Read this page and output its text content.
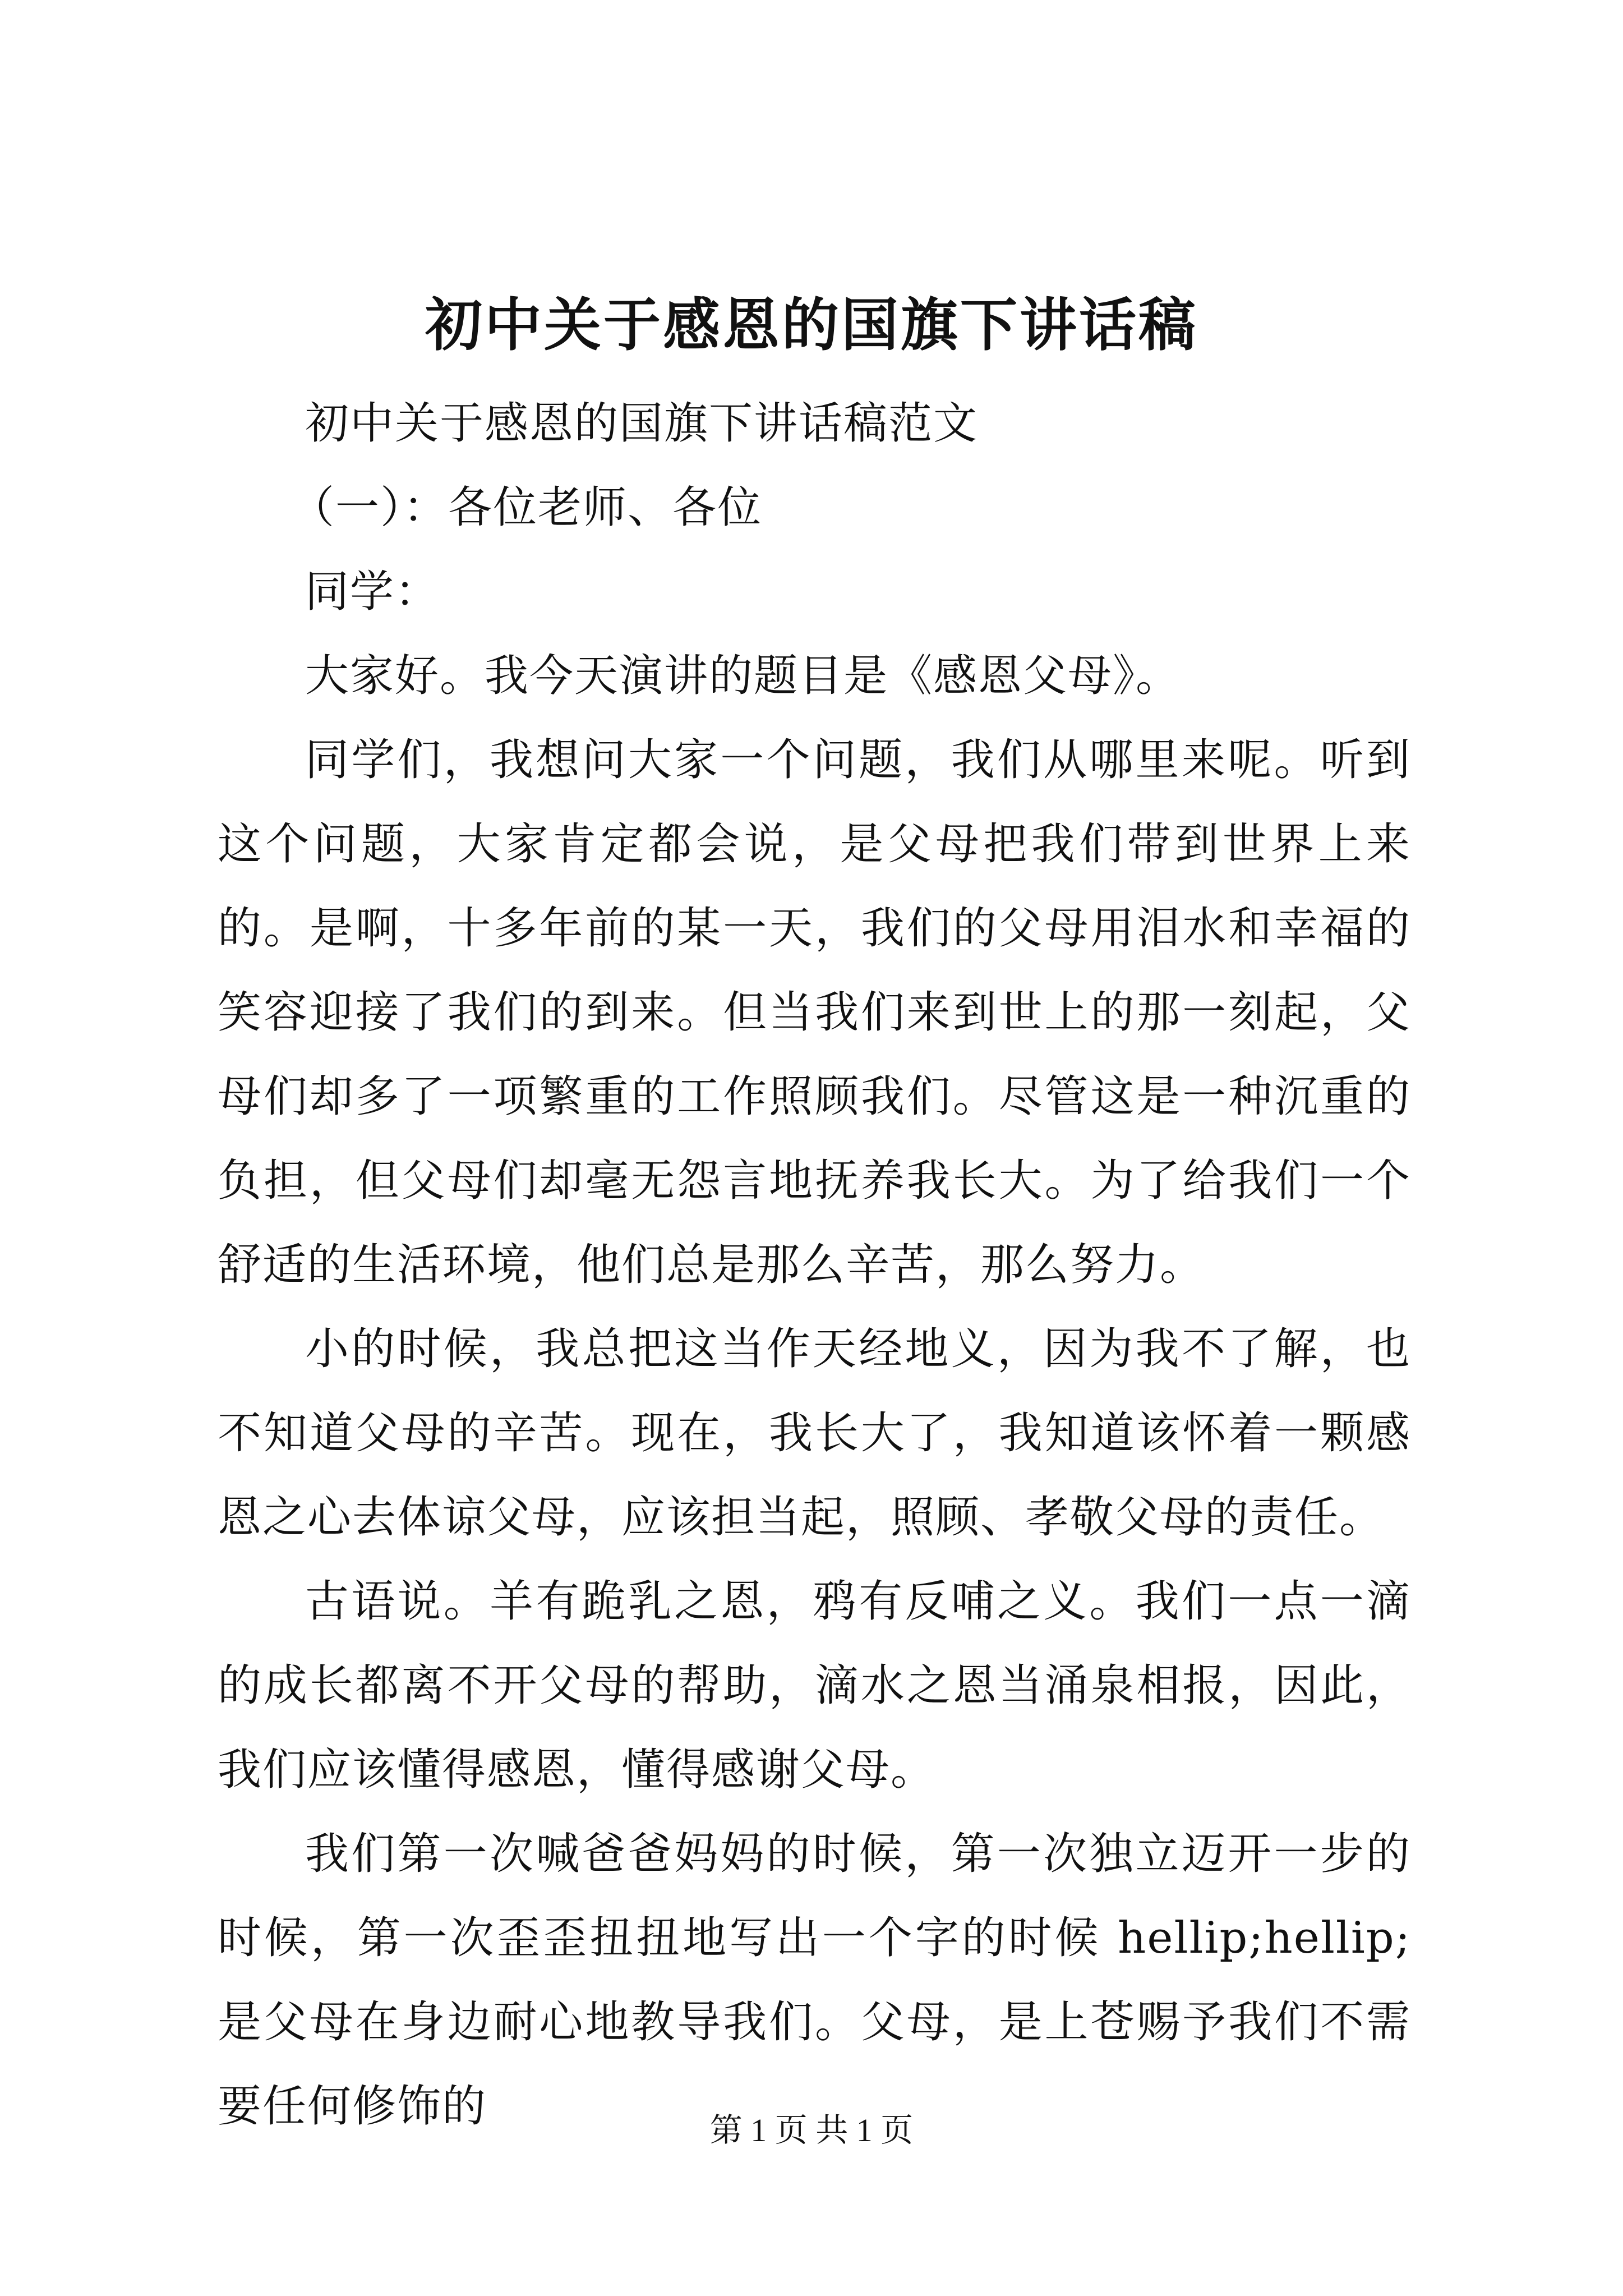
初中关于感恩的国旗下讲话稿

初中关于感恩的国旗下讲话稿范文

（一）：各位老师、各位

同学：

大家好。我今天演讲的题目是《感恩父母》。

同学们，我想问大家一个问题，我们从哪里来呢。听到这个问题，大家肯定都会说，是父母把我们带到世界上来的。是啊，十多年前的某一天，我们的父母用泪水和幸福的笑容迎接了我们的到来。但当我们来到世上的那一刻起，父母们却多了一项繁重的工作照顾我们。尽管这是一种沉重的负担，但父母们却毫无怨言地抚养我长大。为了给我们一个舒适的生活环境，他们总是那么辛苦，那么努力。

小的时候，我总把这当作天经地义，因为我不了解，也不知道父母的辛苦。现在，我长大了，我知道该怀着一颗感恩之心去体谅父母，应该担当起，照顾、孝敬父母的责任。

古语说。羊有跪乳之恩，鸦有反哺之义。我们一点一滴的成长都离不开父母的帮助，滴水之恩当涌泉相报，因此，我们应该懂得感恩，懂得感谢父母。

我们第一次喊爸爸妈妈的时候，第一次独立迈开一步的时候，第一次歪歪扭扭地写出一个字的时候 hellip;hellip;是父母在身边耐心地教导我们。父母，是上苍赐予我们不需要任何修饰的	第 1 页 共 1 页
